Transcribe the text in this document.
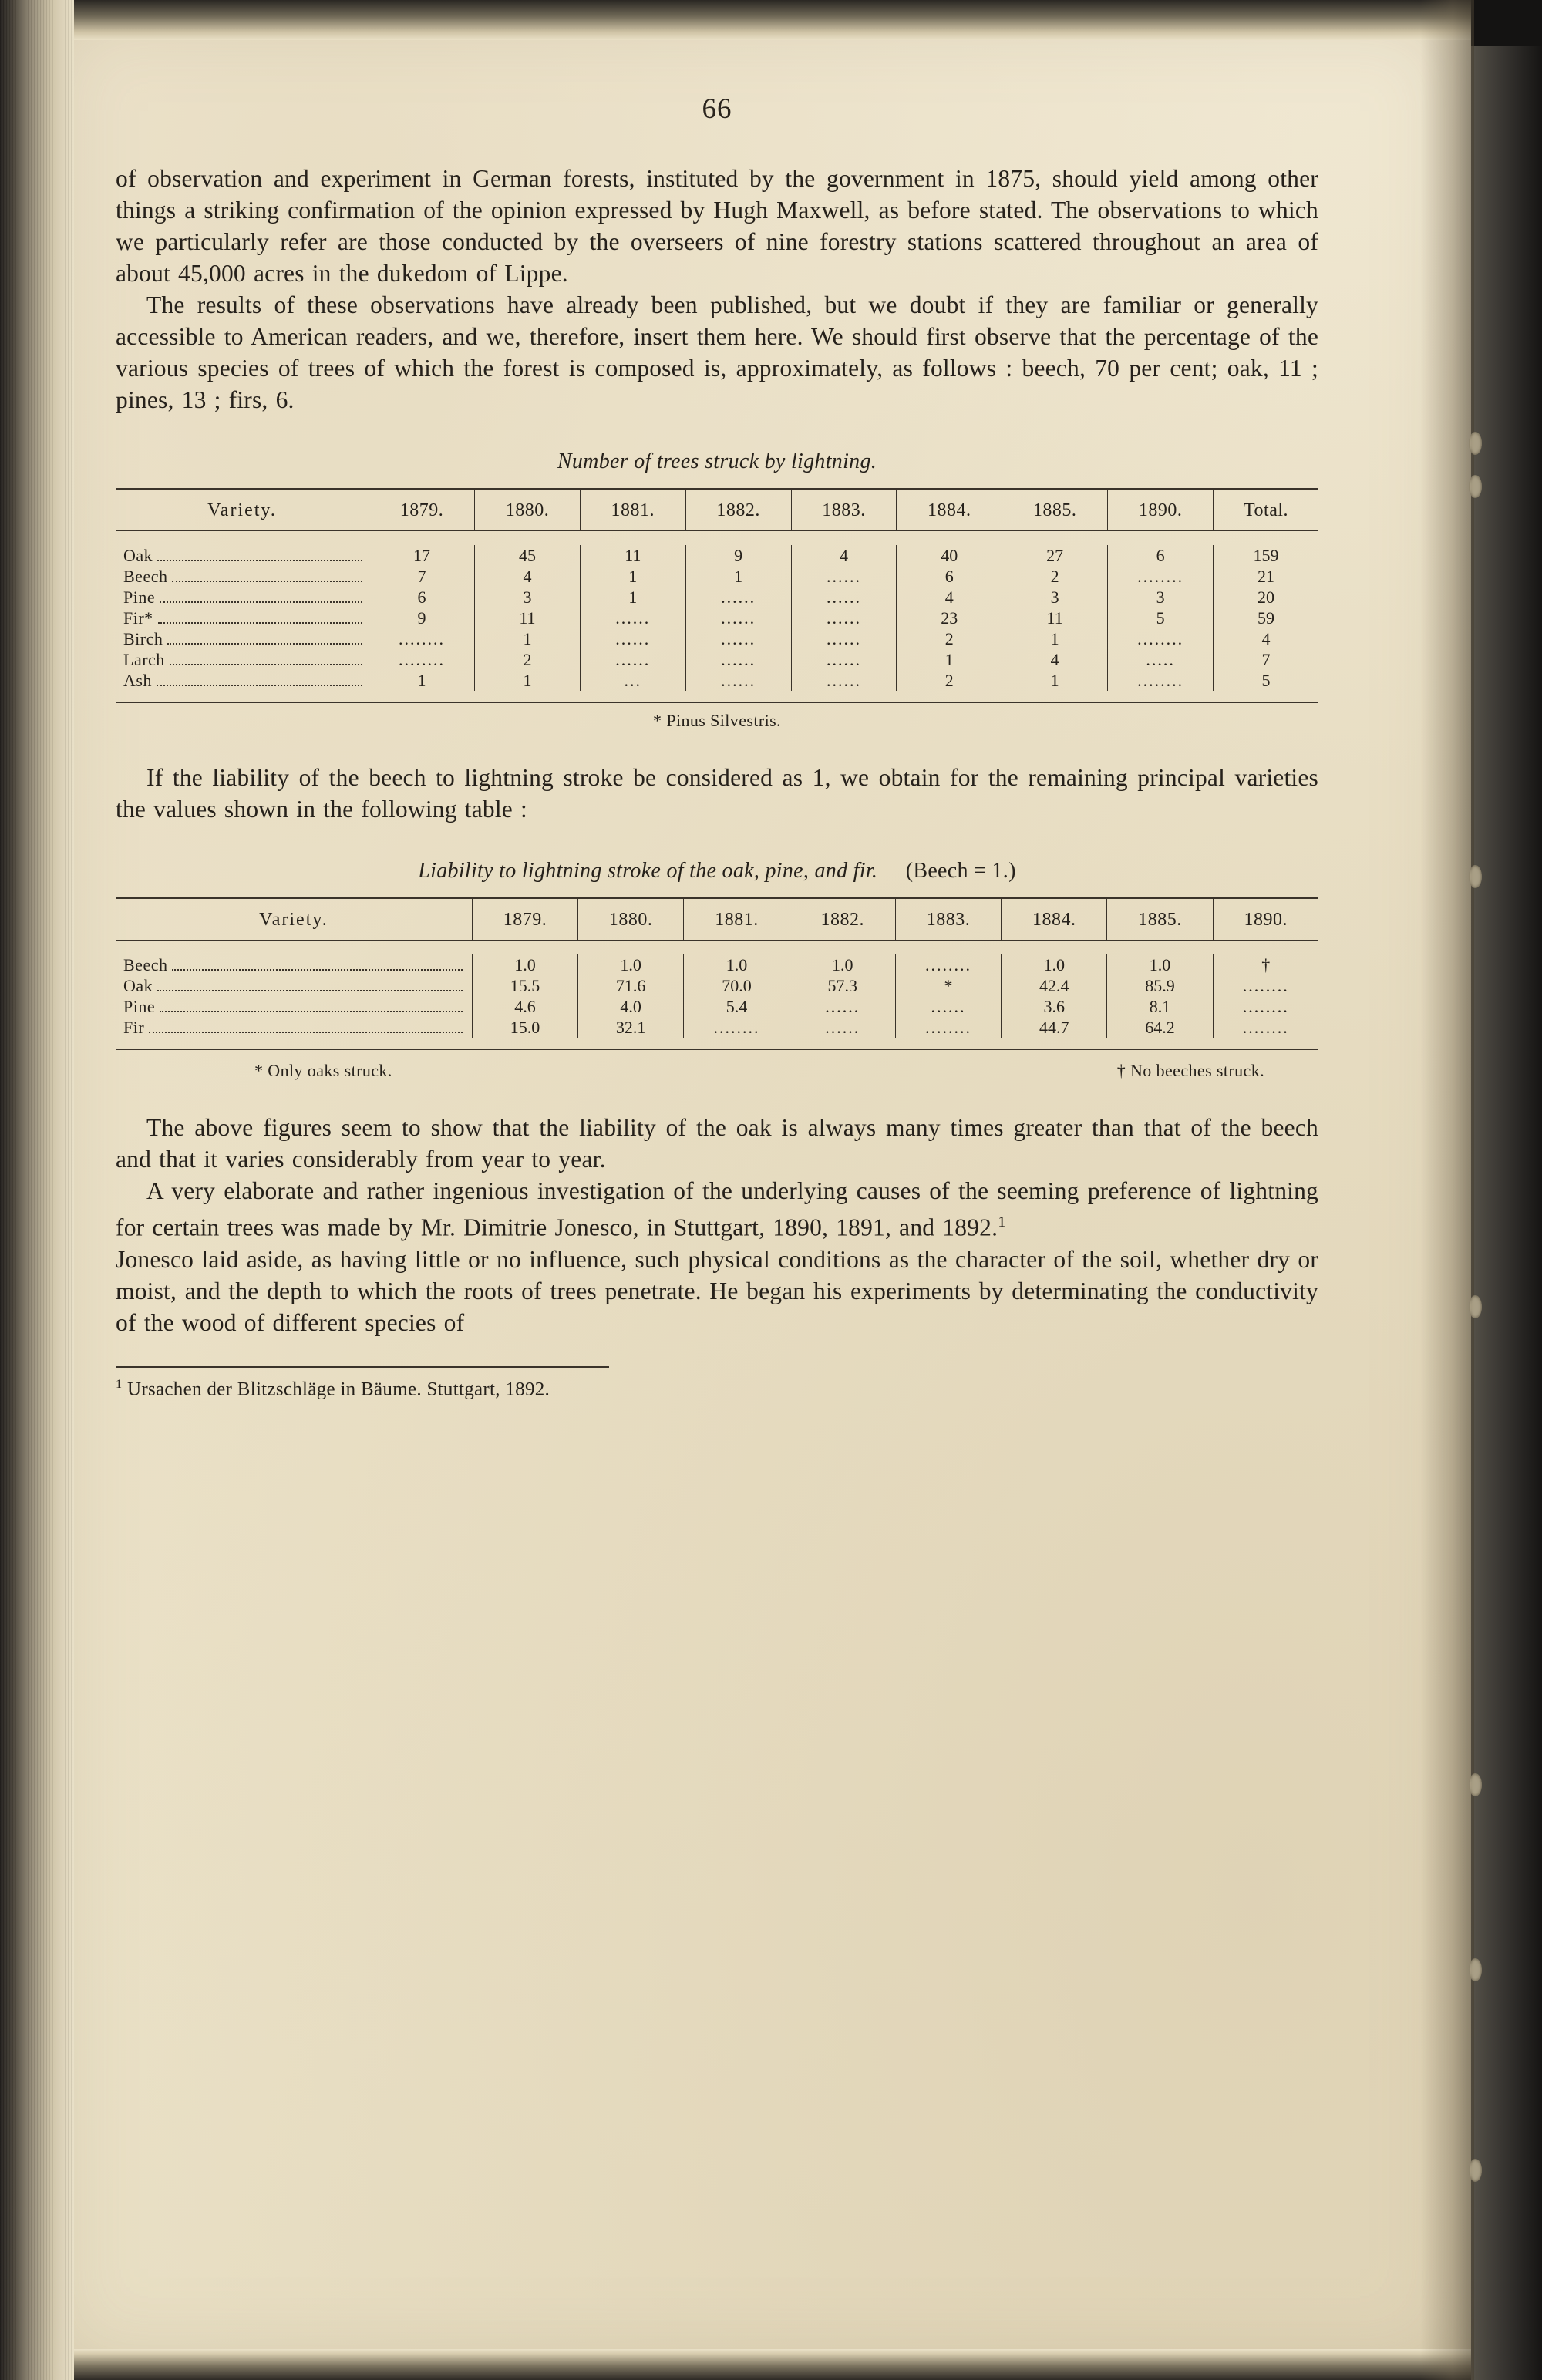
66

of observation and experiment in German forests, instituted by the government in 1875, should yield among other things a striking confirmation of the opinion expressed by Hugh Maxwell, as before stated. The observations to which we particularly refer are those conducted by the overseers of nine forestry stations scattered throughout an area of about 45,000 acres in the dukedom of Lippe.

The results of these observations have already been published, but we doubt if they are familiar or generally accessible to American readers, and we, therefore, insert them here. We should first observe that the percentage of the various species of trees of which the forest is composed is, approximately, as follows : beech, 70 per cent; oak, 11 ; pines, 13 ; firs, 6.

Number of trees struck by lightning.
Variety.	1879.	1880.	1881.	1882.	1883.	1884.	1885.	1890.	Total.

Oak	17	45	11	9	4	40	27	6	159

Beech	7	4	1	1	......	6	2	........	21

Pine	6	3	1	......	......	4	3	3	20

Fir*	9	11	......	......	......	23	11	5	59

Birch	........	1	......	......	......	2	1	........	4

Larch	........	2	......	......	......	1	4	.....	7

Ash	1	1	...	......	......	2	1	........	5

* Pinus Silvestris.

If the liability of the beech to lightning stroke be considered as 1, we obtain for the remaining principal varieties the values shown in the following table :

Liability to lightning stroke of the oak, pine, and fir. (Beech = 1.)
Variety.	1879.	1880.	1881.	1882.	1883.	1884.	1885.	1890.

Beech	1.0	1.0	1.0	1.0	........	1.0	1.0	†

Oak	15.5	71.6	70.0	57.3	*	42.4	85.9	........

Pine	4.6	4.0	5.4	......	......	3.6	8.1	........

Fir	15.0	32.1	........	......	........	44.7	64.2	........

* Only oaks struck.	† No beeches struck.

The above figures seem to show that the liability of the oak is always many times greater than that of the beech and that it varies considerably from year to year.

A very elaborate and rather ingenious investigation of the underlying causes of the seeming preference of lightning for certain trees was made by Mr. Dimitrie Jonesco, in Stuttgart, 1890, 1891, and 1892.$^1$

Jonesco laid aside, as having little or no influence, such physical conditions as the character of the soil, whether dry or moist, and the depth to which the roots of trees penetrate. He began his experiments by determinating the conductivity of the wood of different species of

$^1$ Ursachen der Blitzschläge in Bäume. Stuttgart, 1892.
